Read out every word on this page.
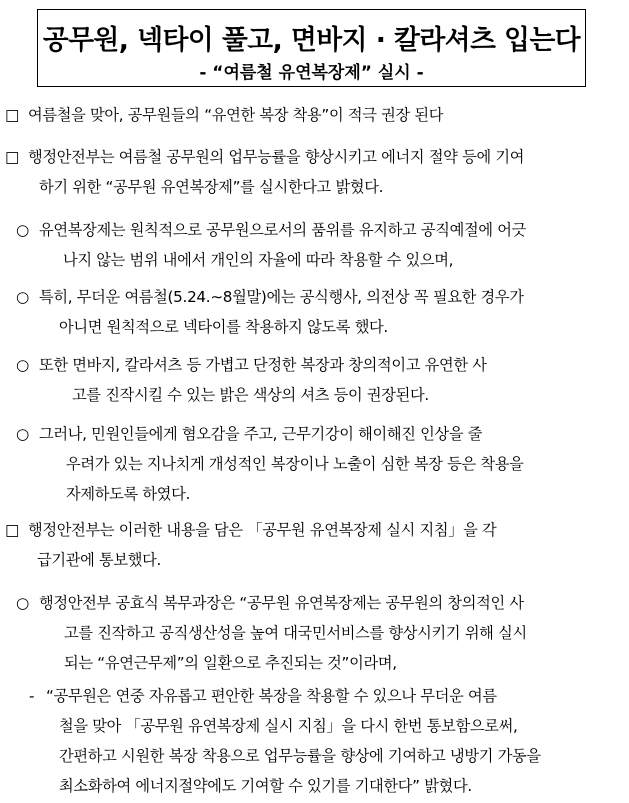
공무원, 넥타이 풀고, 면바지 · 칼라셔츠 입는다
- “여름철 유연복장제” 실시 -
□ 여름철을 맞아, 공무원들의 “유연한 복장 착용”이 적극 권장 된다
□ 행정안전부는 여름철 공무원의 업무능률을 향상시키고 에너지 절약 등에 기여
하기 위한 “공무원 유연복장제”를 실시한다고 밝혔다.
○ 유연복장제는 원칙적으로 공무원으로서의 품위를 유지하고 공직예절에 어긋
나지 않는 범위 내에서 개인의 자율에 따라 착용할 수 있으며,
○ 특히, 무더운 여름철(5.24.∼8월말)에는 공식행사, 의전상 꼭 필요한 경우가
아니면 원칙적으로 넥타이를 착용하지 않도록 했다.
○ 또한 면바지, 칼라셔츠 등 가볍고 단정한 복장과 창의적이고 유연한 사
고를 진작시킬 수 있는 밝은 색상의 셔츠 등이 권장된다.
○ 그러나, 민원인들에게 혐오감을 주고, 근무기강이 해이해진 인상을 줄
우려가 있는 지나치게 개성적인 복장이나 노출이 심한 복장 등은 착용을
자제하도록 하였다.
□ 행정안전부는 이러한 내용을 담은 「공무원 유연복장제 실시 지침」을 각
급기관에 통보했다.
○ 행정안전부 공효식 복무과장은 “공무원 유연복장제는 공무원의 창의적인 사
고를 진작하고 공직생산성을 높여 대국민서비스를 향상시키기 위해 실시
되는 “유연근무제”의 일환으로 추진되는 것”이라며,
- “공무원은 연중 자유롭고 편안한 복장을 착용할 수 있으나 무더운 여름
철을 맞아 「공무원 유연복장제 실시 지침」을 다시 한번 통보함으로써,
간편하고 시원한 복장 착용으로 업무능률을 향상에 기여하고 냉방기 가동을
최소화하여 에너지절약에도 기여할 수 있기를 기대한다” 밝혔다.
